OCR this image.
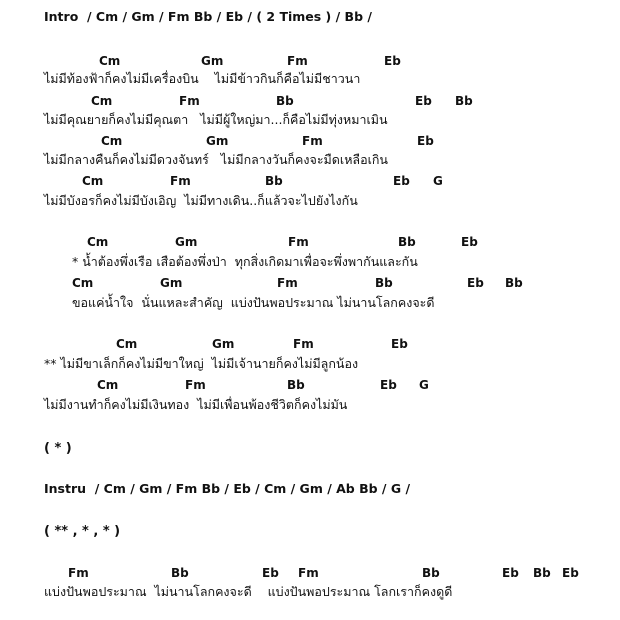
Intro  / Cm / Gm / Fm Bb / Eb / ( 2 Times ) / Bb /
Cm	Gm	Fm	Eb
ไม่มีท้องฟ้าก็คงไม่มีเครื่องบิน    ไม่มีข้าวกินก็คือไม่มีชาวนา
Cm	Fm	Bb	Eb Bb
ไม่มีคุณยายก็คงไม่มีคุณตา   ไม่มีผู้ใหญ่มา...ก็คือไม่มีทุ่งหมาเมิน
Cm	Gm	Fm	Eb
ไม่มีกลางคืนก็คงไม่มีดวงจันทร์   ไม่มีกลางวันก็คงจะมืดเหลือเกิน
Cm	Fm	Bb	Eb G
ไม่มีบังอรก็คงไม่มีบังเอิญ  ไม่มีทางเดิน..ก็แล้วจะไปยังไงกัน
Cm	Gm	Fm	Bb	Eb
* น้ำต้องพึ่งเรือ เสือต้องพึ่งป่า  ทุกสิ่งเกิดมาเพื่อจะพึ่งพากันและกัน
Cm	Gm	Fm	Bb	Eb Bb
ขอแค่น้ำใจ  นั่นแหละสำคัญ  แบ่งปันพอประมาณ ไม่นานโลกคงจะดี
Cm	Gm	Fm	Eb
** ไม่มีขาเล็กก็คงไม่มีขาใหญ่  ไม่มีเจ้านายก็คงไม่มีลูกน้อง
Cm	Fm	Bb	Eb G
ไม่มีงานทำก็คงไม่มีเงินทอง  ไม่มีเพื่อนพ้องชีวิตก็คงไม่มัน
( * )
Instru  / Cm / Gm / Fm Bb / Eb / Cm / Gm / Ab Bb / G /
( ** , * , * )
Fm	Bb	Eb Fm	Bb	Eb Bb Eb
แบ่งปันพอประมาณ  ไม่นานโลกคงจะดี    แบ่งปันพอประมาณ โลกเราก็คงดูดี
